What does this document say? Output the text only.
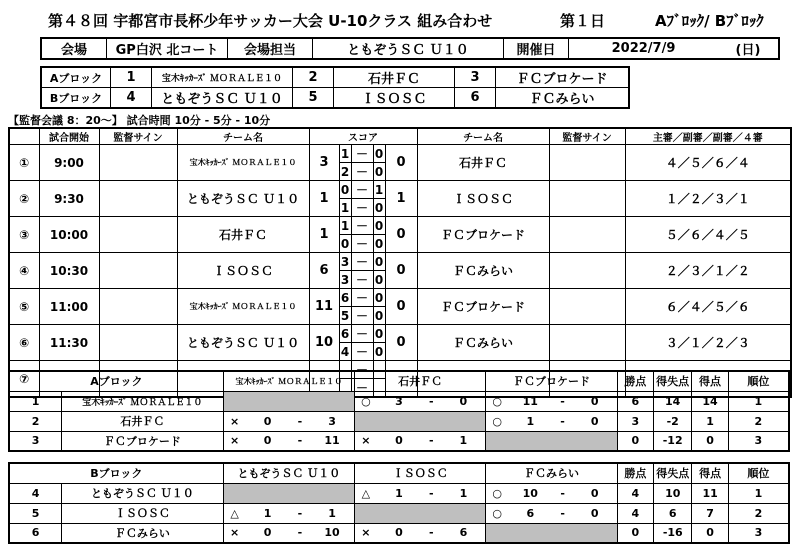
第４８回 宇都宮市長杯少年サッカー大会 U-10クラス 組み合わせ	第１日	Aﾌﾞﾛｯｸ/ Bﾌﾞﾛｯｸ
会場	GP白沢 北コート	会場担当	ともぞうＳＣ Ｕ１０	開催日	2022/7/9	(日)
Aブロック	1	宝木ｷｯｶｰｽﾞ ＭＯＲＡＬＥ１０	2	石井ＦＣ	3	ＦＣブロケード
Bブロック	4	ともぞうＳＣ Ｕ１０	5	ＩＳＯＳＣ	6	ＦＣみらい
【監督会議 8：20～】 試合時間 10分 - 5分 - 10分
	試合開始	監督サイン	チーム名	スコア					チーム名	監督サイン	主審／副審／副審／４審
①	9:00		宝木ｷｯｶｰｽﾞ ＭＯＲＡＬＥ１０	3	1	－	0	0	石井ＦＣ		４／５／６／４
					2	－	0				
②	9:30		ともぞうＳＣ Ｕ１０	1	0	－	1	1	ＩＳＯＳＣ		１／２／３／１
					1	－	0				
③	10:00		石井ＦＣ	1	1	－	0	0	ＦＣブロケード		５／６／４／５
					0	－	0				
④	10:30		ＩＳＯＳＣ	6	3	－	0	0	ＦＣみらい		２／３／１／２
					3	－	0				
⑤	11:00		宝木ｷｯｶｰｽﾞ ＭＯＲＡＬＥ１０	11	6	－	0	0	ＦＣブロケード		６／４／５／６
					5	－	0				
⑥	11:30		ともぞうＳＣ Ｕ１０	10	6	－	0	0	ＦＣみらい		３／１／２／３
					4	－	0				
⑦						－					
						－					
Aブロック		宝木ｷｯｶｰｽﾞ ＭＯＲＡＬＥ１０				石井ＦＣ				ＦＣブロケード				勝点	得失点	得点	順位
1	宝木ｷｯｶｰｽﾞ ＭＯＲＡＬＥ１０					○	3	-	0	○	11	-	0	6	14	14	1
2	石井ＦＣ	×	0	-	3					○	1	-	0	3	-2	1	2
3	ＦＣブロケード	×	0	-	11	×	0	-	1					0	-12	0	3
Bブロック		ともぞうＳＣ Ｕ１０				ＩＳＯＳＣ				ＦＣみらい				勝点	得失点	得点	順位
4	ともぞうＳＣ Ｕ１０					△	1	-	1	○	10	-	0	4	10	11	1
5	ＩＳＯＳＣ	△	1	-	1					○	6	-	0	4	6	7	2
6	ＦＣみらい	×	0	-	10	×	0	-	6					0	-16	0	3
